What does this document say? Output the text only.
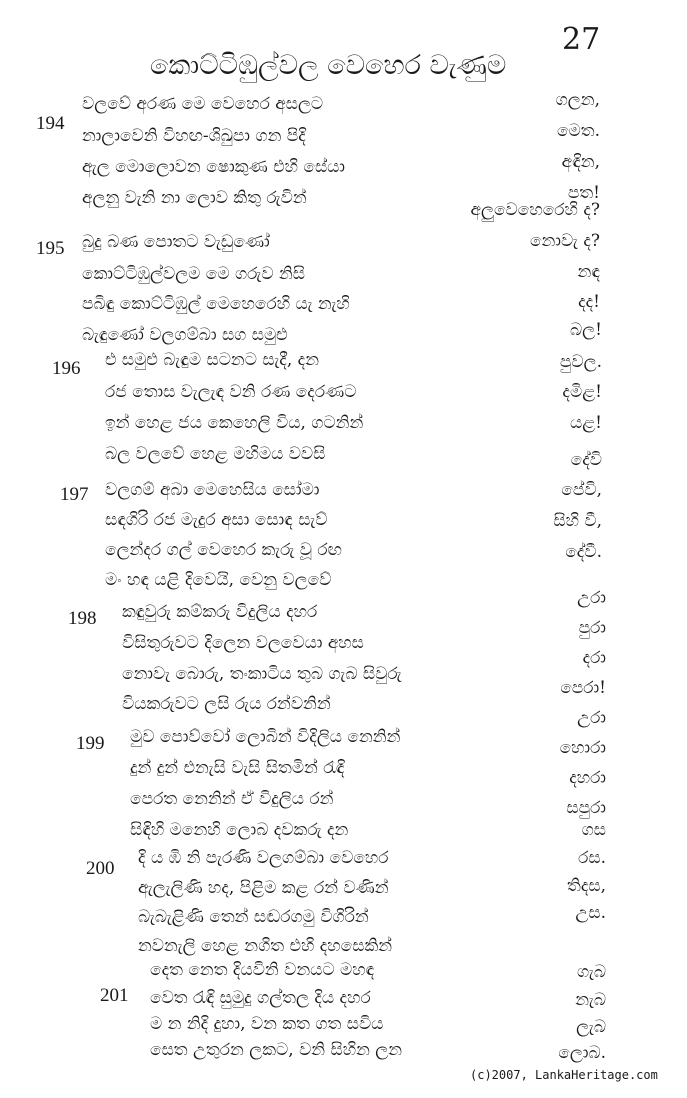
27
කොට්ටිඹුල්වල වෙහෙර වැණුම
194
වලවේ අරණ මෙ වෙහෙර අසලට
නාලාවෙනි විහඟ-ශිඛුපා ගන පිදි
ඇල මොලොවන ෂොකුණ එහි සේයා
අලනු වැනි නා ලොව කිතු රුවින්
ගලන,
මෙත.
අඳින,
පත!
195 බුදු බණ පොතට වැඩුණෝ
කොට්ටිඹුල්වලම මෙ ගරුව නිසි
පබිඳු කොට්ටිඹුල් මෙහෙරෙහි යැ නැහි
බැඳුණෝ වලගම්බා සග සමුළු
අලුවෙහෙරෙහි ද?
නොවැ ද?
නඳ
දද!
196 එ සමුළු බැඳුම සටනට සැදී, දන
රජ තොස වැලැඳ වනි රණ දෙරණට
ඉන් හෙළ ජය කෙහෙලි විය, ගටනින්
බල වලවේ හෙළ මහිමය වවසි
බල!
පුවල.
දමිළ!
යළ!
197 වලගම් අබා මෙහෙසිය සෝමා
සඳගිරි රජ මැදුර අසා සොඳ සැව්
ලෙන්දර ගල් වෙහෙර කැරු වූ රඟ
මං හඳ යළි දිවෙයි, වෙනු වලවේ
දේවි
පේවි,
සිහි වී,
දේවී.
198 කඳුවුරු කම්කරු විදුලිය දහර
විසිතුරුවට දිලෙන වලවෙයා අහස
නොවැ බොරු, තංකාටිය තුබ ගැබ සිවුරු
වියකරුවට ලසි රුය රන්වනින්
උරා
පුරා
දරා
පෙරා!
199 මුව පොව්වෝ ලොබින් විදිලිය නෙනින්
දුන් දුන් එනැසි වැසි සිතමින් රැඳි
පෙරත නෙනින් ඒ විදුලිය රන්
සිඳිහි මනෙහි ලොබ දවකරු දන
උරා
හොරා
දහරා
සපුරා
200 දි ය ඹි නි පැරණි වලගම්බා වෙහෙර
ඇලැලිණි හද, පිළිම කළ රන් වණින්
බැබැළිණි තෙන් සඬරගමු විගිරින්
නවනැලි හෙළ නගිත එහි දහසෙකින්
ගස
රස.
තිදස,
උස.
201
දෙත නෙත දියවිනි වනයට මහඳ
වෙත රැඳි සුමුදු ගල්තල දිය දහර
ම න නිදි දුහා, වන කත ගත සවිය
සෙත උතුරන ලකට, වනි සිහින ලන
ගැබ
නැබ
ලැබ
ලොබ.
(c)2007, LankaHeritage.com
